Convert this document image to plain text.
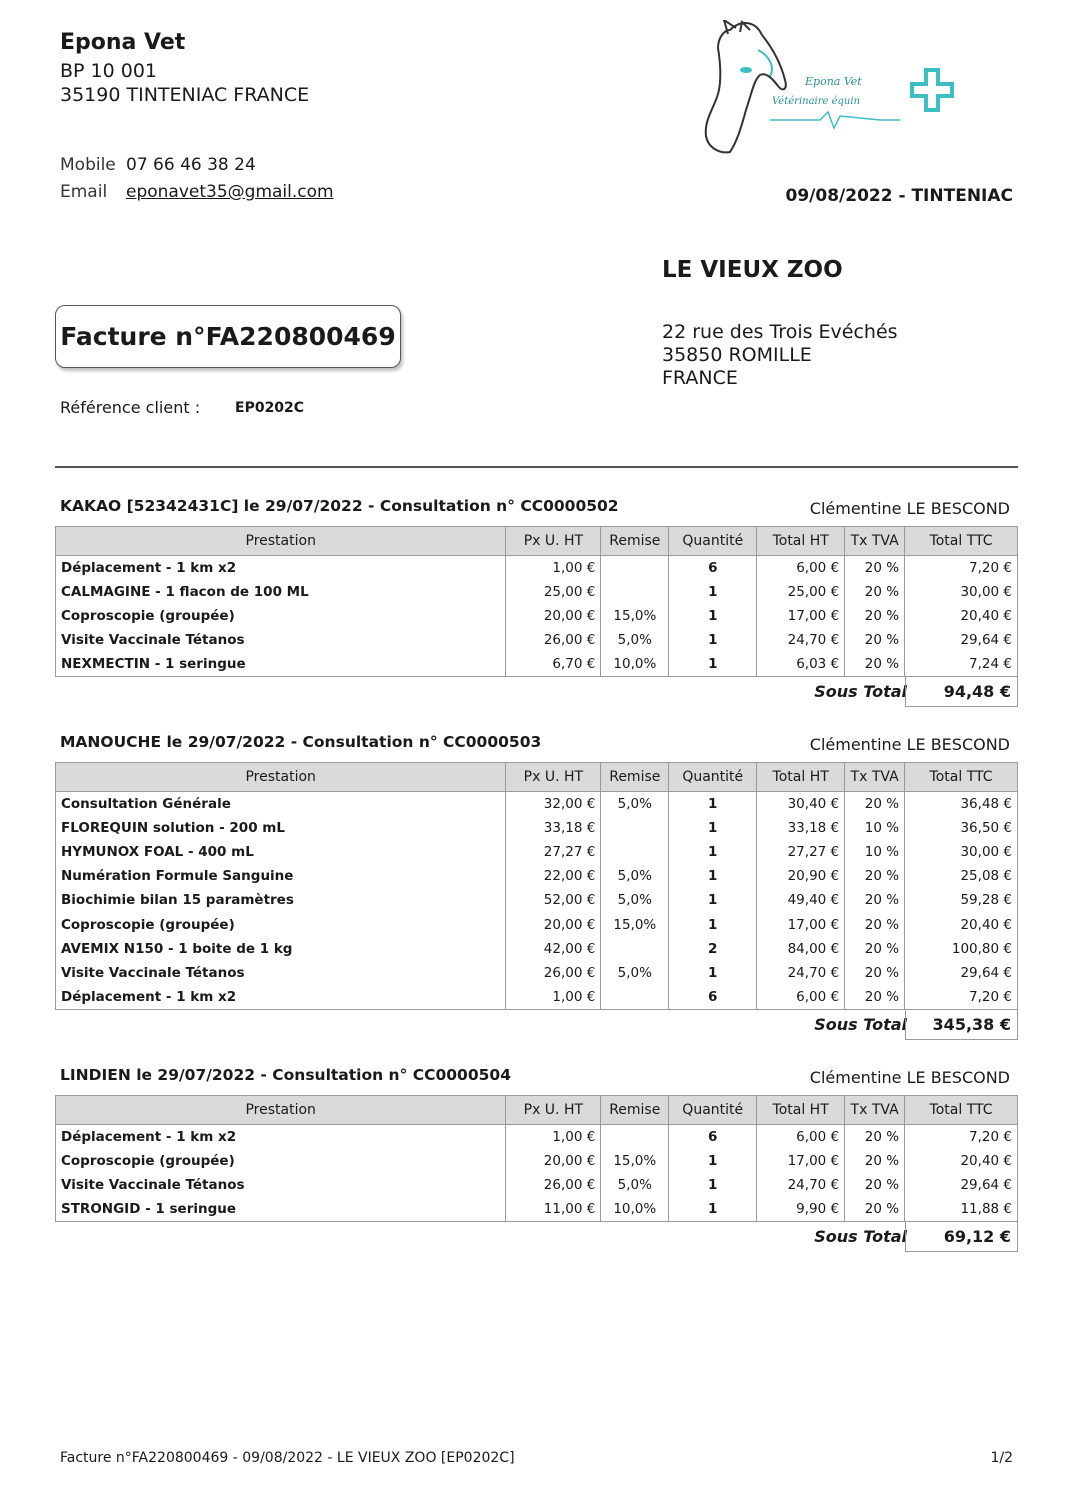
Epona Vet
BP 10 001
35190 TINTENIAC FRANCE
Mobile 07 66 46 38 24
Email eponavet35@gmail.com
Epona Vet
Vétérinaire équin
09/08/2022 - TINTENIAC
LE VIEUX ZOO
22 rue des Trois Evéchés
35850 ROMILLE
FRANCE
Facture n°FA220800469
Référence client : EP0202C
KAKAO [52342431C] le 29/07/2022 - Consultation n° CC0000502	Clémentine LE BESCOND
Prestation	Px U. HT	Remise	Quantité	Total HT	Tx TVA	Total TTC
Déplacement - 1 km x2	1,00 €		6	6,00 €	20 %	7,20 €
CALMAGINE - 1 flacon de 100 ML	25,00 €		1	25,00 €	20 %	30,00 €
Coproscopie (groupée)	20,00 €	15,0%	1	17,00 €	20 %	20,40 €
Visite Vaccinale Tétanos	26,00 €	5,0%	1	24,70 €	20 %	29,64 €
NEXMECTIN - 1 seringue	6,70 €	10,0%	1	6,03 €	20 %	7,24 €
Sous Total	94,48 €
MANOUCHE le 29/07/2022 - Consultation n° CC0000503	Clémentine LE BESCOND
Prestation	Px U. HT	Remise	Quantité	Total HT	Tx TVA	Total TTC
Consultation Générale	32,00 €	5,0%	1	30,40 €	20 %	36,48 €
FLOREQUIN solution - 200 mL	33,18 €		1	33,18 €	10 %	36,50 €
HYMUNOX FOAL - 400 mL	27,27 €		1	27,27 €	10 %	30,00 €
Numération Formule Sanguine	22,00 €	5,0%	1	20,90 €	20 %	25,08 €
Biochimie bilan 15 paramètres	52,00 €	5,0%	1	49,40 €	20 %	59,28 €
Coproscopie (groupée)	20,00 €	15,0%	1	17,00 €	20 %	20,40 €
AVEMIX N150 - 1 boite de 1 kg	42,00 €		2	84,00 €	20 %	100,80 €
Visite Vaccinale Tétanos	26,00 €	5,0%	1	24,70 €	20 %	29,64 €
Déplacement - 1 km x2	1,00 €		6	6,00 €	20 %	7,20 €
Sous Total	345,38 €
LINDIEN le 29/07/2022 - Consultation n° CC0000504	Clémentine LE BESCOND
Prestation	Px U. HT	Remise	Quantité	Total HT	Tx TVA	Total TTC
Déplacement - 1 km x2	1,00 €		6	6,00 €	20 %	7,20 €
Coproscopie (groupée)	20,00 €	15,0%	1	17,00 €	20 %	20,40 €
Visite Vaccinale Tétanos	26,00 €	5,0%	1	24,70 €	20 %	29,64 €
STRONGID - 1 seringue	11,00 €	10,0%	1	9,90 €	20 %	11,88 €
Sous Total	69,12 €
Facture n°FA220800469 - 09/08/2022 - LE VIEUX ZOO [EP0202C]	1/2
